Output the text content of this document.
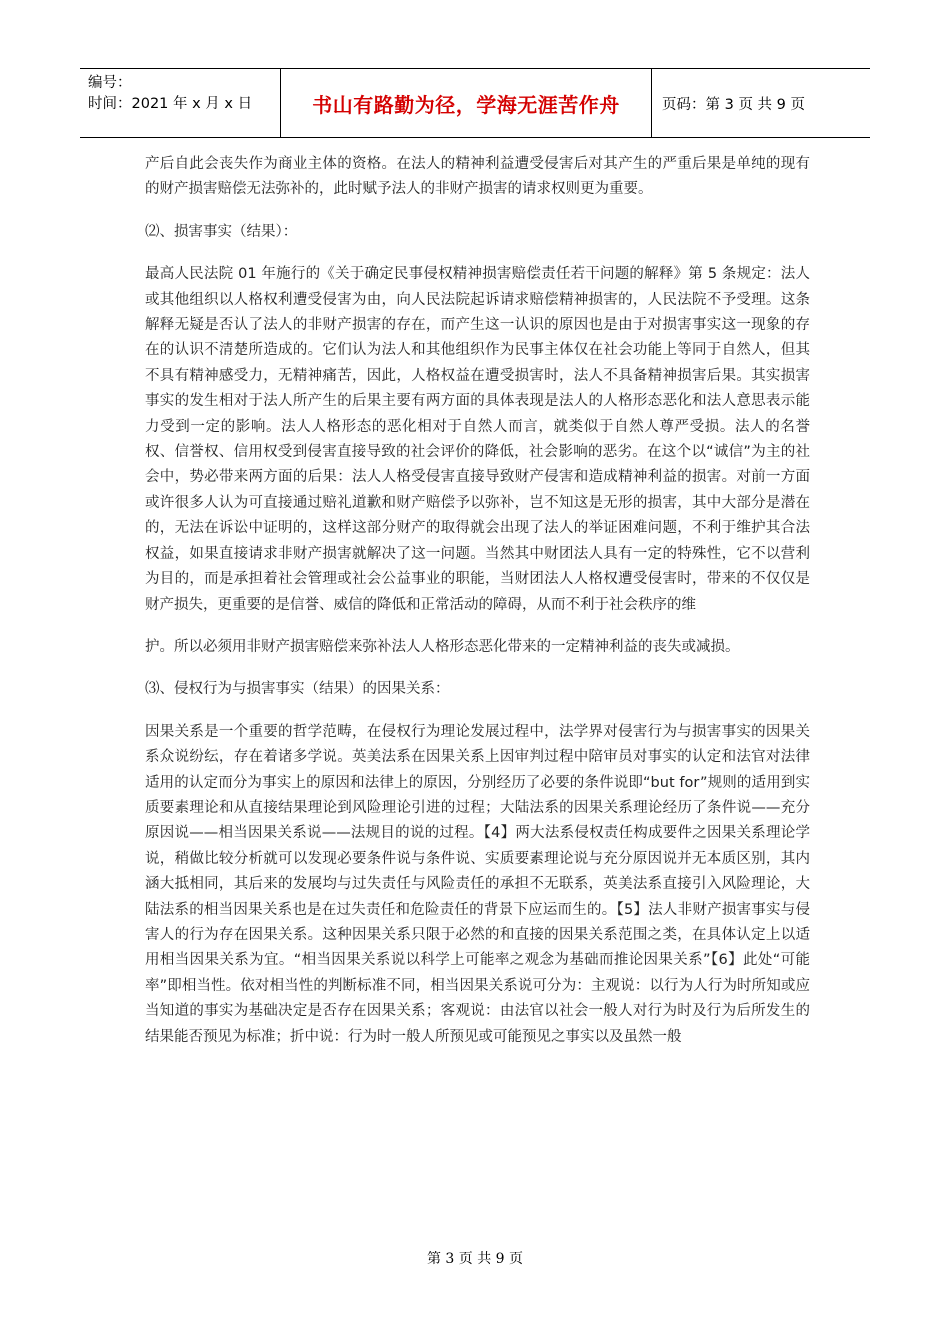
编号：
时间：2021 年 x 月 x 日	书山有路勤为径，学海无涯苦作舟	页码：第 3 页 共 9 页

产后自此会丧失作为商业主体的资格。在法人的精神利益遭受侵害后对其产生的严重后果是单纯的现有的财产损害赔偿无法弥补的，此时赋予法人的非财产损害的请求权则更为重要。

⑵、损害事实（结果）：

最高人民法院 01 年施行的《关于确定民事侵权精神损害赔偿责任若干问题的解释》第 5 条规定：法人或其他组织以人格权利遭受侵害为由，向人民法院起诉请求赔偿精神损害的，人民法院不予受理。这条解释无疑是否认了法人的非财产损害的存在，而产生这一认识的原因也是由于对损害事实这一现象的存在的认识不清楚所造成的。它们认为法人和其他组织作为民事主体仅在社会功能上等同于自然人，但其不具有精神感受力，无精神痛苦，因此，人格权益在遭受损害时，法人不具备精神损害后果。其实损害事实的发生相对于法人所产生的后果主要有两方面的具体表现是法人的人格形态恶化和法人意思表示能力受到一定的影响。法人人格形态的恶化相对于自然人而言，就类似于自然人尊严受损。法人的名誉权、信誉权、信用权受到侵害直接导致的社会评价的降低，社会影响的恶劣。在这个以“诚信”为主的社会中，势必带来两方面的后果：法人人格受侵害直接导致财产侵害和造成精神利益的损害。对前一方面或许很多人认为可直接通过赔礼道歉和财产赔偿予以弥补，岂不知这是无形的损害，其中大部分是潜在的，无法在诉讼中证明的，这样这部分财产的取得就会出现了法人的举证困难问题，不利于维护其合法权益，如果直接请求非财产损害就解决了这一问题。当然其中财团法人具有一定的特殊性，它不以营利为目的，而是承担着社会管理或社会公益事业的职能，当财团法人人格权遭受侵害时，带来的不仅仅是财产损失，更重要的是信誉、威信的降低和正常活动的障碍，从而不利于社会秩序的维

护。所以必须用非财产损害赔偿来弥补法人人格形态恶化带来的一定精神利益的丧失或减损。

⑶、侵权行为与损害事实（结果）的因果关系：

因果关系是一个重要的哲学范畴，在侵权行为理论发展过程中，法学界对侵害行为与损害事实的因果关系众说纷纭，存在着诸多学说。英美法系在因果关系上因审判过程中陪审员对事实的认定和法官对法律适用的认定而分为事实上的原因和法律上的原因，分别经历了必要的条件说即“but for”规则的适用到实质要素理论和从直接结果理论到风险理论引进的过程；大陆法系的因果关系理论经历了条件说——充分原因说——相当因果关系说——法规目的说的过程。【4】两大法系侵权责任构成要件之因果关系理论学说，稍做比较分析就可以发现必要条件说与条件说、实质要素理论说与充分原因说并无本质区别，其内涵大抵相同，其后来的发展均与过失责任与风险责任的承担不无联系，英美法系直接引入风险理论，大陆法系的相当因果关系也是在过失责任和危险责任的背景下应运而生的。【5】法人非财产损害事实与侵害人的行为存在因果关系。这种因果关系只限于必然的和直接的因果关系范围之类，在具体认定上以适用相当因果关系为宜。“相当因果关系说以科学上可能率之观念为基础而推论因果关系”【6】此处“可能率”即相当性。依对相当性的判断标准不同，相当因果关系说可分为：主观说：以行为人行为时所知或应当知道的事实为基础决定是否存在因果关系；客观说：由法官以社会一般人对行为时及行为后所发生的结果能否预见为标准；折中说：行为时一般人所预见或可能预见之事实以及虽然一般

第 3 页 共 9 页
